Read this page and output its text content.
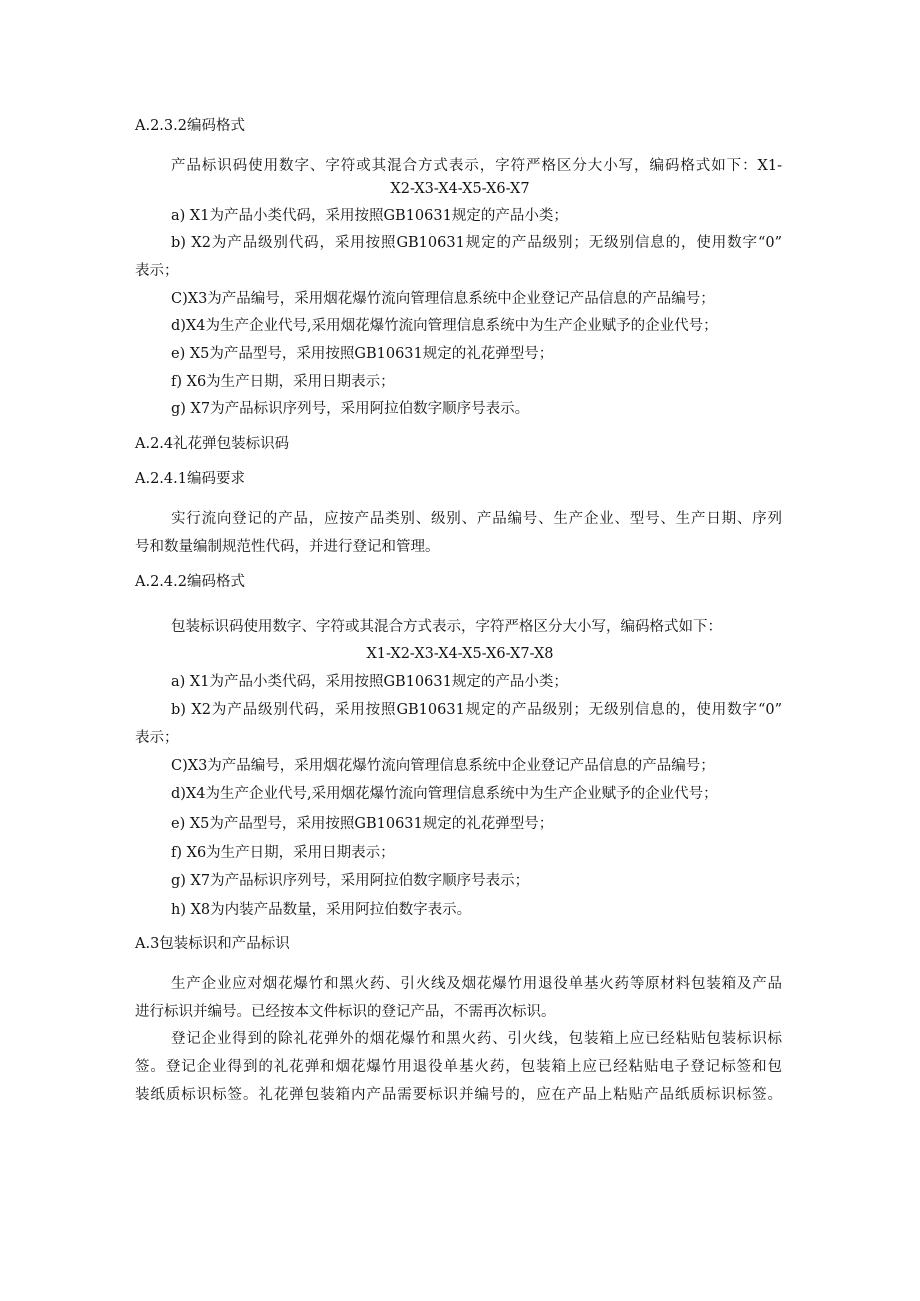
A.2.3.2编码格式
产品标识码使用数字、字符或其混合方式表示，字符严格区分大小写，编码格式如下：X1-
X2-X3-X4-X5-X6-X7
a) X1为产品小类代码，采用按照GB10631规定的产品小类；
b) X2为产品级别代码，采用按照GB10631规定的产品级别；无级别信息的，使用数字“0”
表示；
C)X3为产品编号，采用烟花爆竹流向管理信息系统中企业登记产品信息的产品编号；
d)X4为生产企业代号,采用烟花爆竹流向管理信息系统中为生产企业赋予的企业代号；
e) X5为产品型号，采用按照GB10631规定的礼花弹型号；
f) X6为生产日期，采用日期表示；
g) X7为产品标识序列号，采用阿拉伯数字顺序号表示。
A.2.4礼花弹包装标识码
A.2.4.1编码要求
实行流向登记的产品，应按产品类别、级别、产品编号、生产企业、型号、生产日期、序列
号和数量编制规范性代码，并进行登记和管理。
A.2.4.2编码格式
包装标识码使用数字、字符或其混合方式表示，字符严格区分大小写，编码格式如下：
X1-X2-X3-X4-X5-X6-X7-X8
a) X1为产品小类代码，采用按照GB10631规定的产品小类；
b) X2为产品级别代码，采用按照GB10631规定的产品级别；无级别信息的，使用数字“0”
表示；
C)X3为产品编号，采用烟花爆竹流向管理信息系统中企业登记产品信息的产品编号；
d)X4为生产企业代号,采用烟花爆竹流向管理信息系统中为生产企业赋予的企业代号；
e) X5为产品型号，采用按照GB10631规定的礼花弹型号；
f) X6为生产日期，采用日期表示；
g) X7为产品标识序列号，采用阿拉伯数字顺序号表示；
h) X8为内装产品数量，采用阿拉伯数字表示。
A.3包装标识和产品标识
生产企业应对烟花爆竹和黑火药、引火线及烟花爆竹用退役单基火药等原材料包装箱及产品
进行标识并编号。已经按本文件标识的登记产品，不需再次标识。
登记企业得到的除礼花弹外的烟花爆竹和黑火药、引火线，包装箱上应已经粘贴包装标识标
签。登记企业得到的礼花弹和烟花爆竹用退役单基火药，包装箱上应已经粘贴电子登记标签和包
装纸质标识标签。礼花弹包装箱内产品需要标识并编号的，应在产品上粘贴产品纸质标识标签。
